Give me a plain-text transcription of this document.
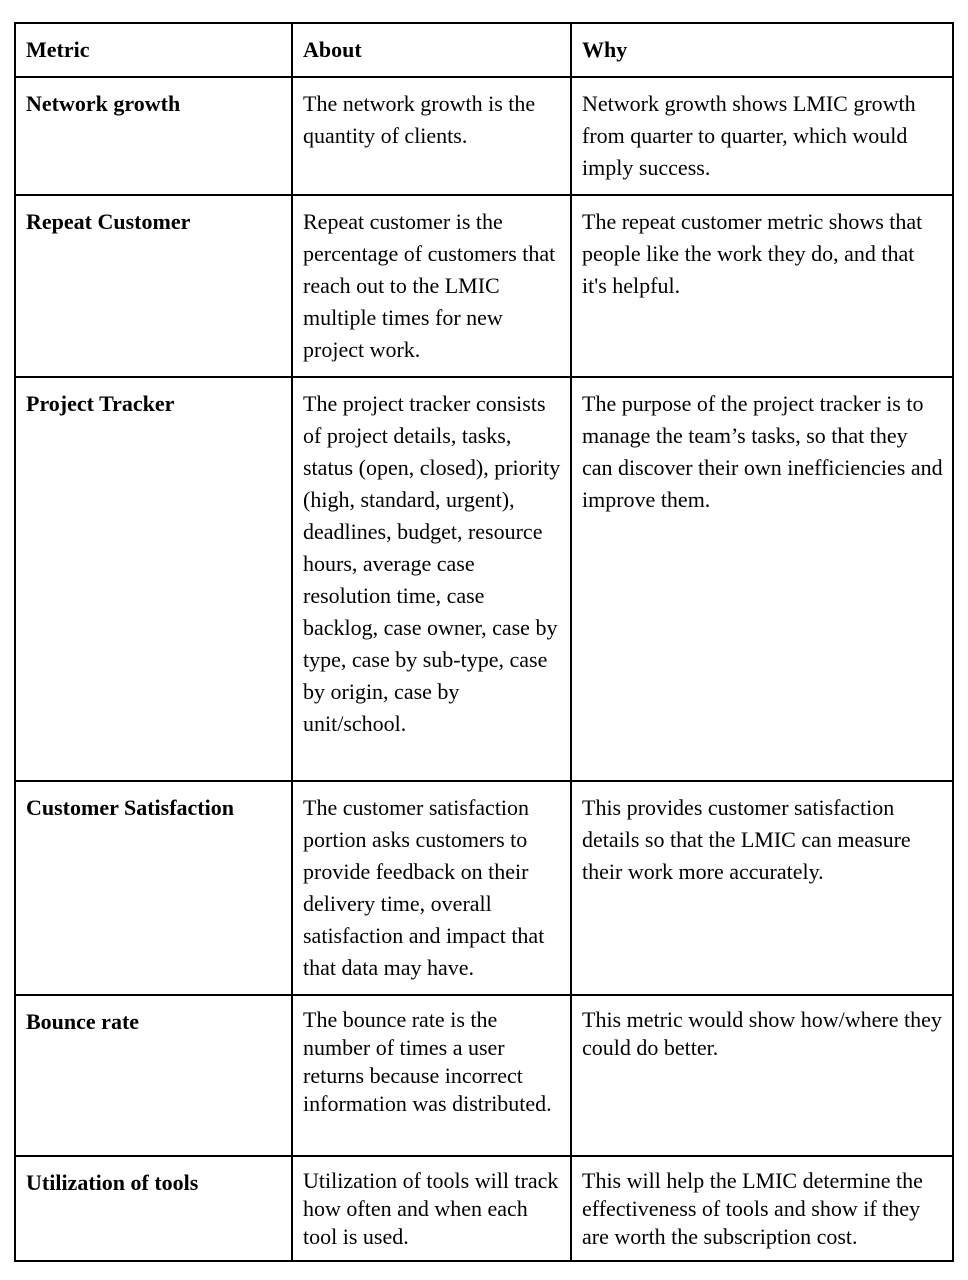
Metric	About	Why
Network growth	The network growth is the quantity of clients.	Network growth shows LMIC growth from quarter to quarter, which would imply success.
Repeat Customer	Repeat customer is the percentage of customers that reach out to the LMIC multiple times for new project work.	The repeat customer metric shows that people like the work they do, and that it's helpful.
Project Tracker	The project tracker consists of project details, tasks, status (open, closed), priority (high, standard, urgent), deadlines, budget, resource hours, average case resolution time, case backlog, case owner, case by type, case by sub-type, case by origin, case by unit/school.	The purpose of the project tracker is to manage the team’s tasks, so that they can discover their own inefficiencies and improve them.
Customer Satisfaction	The customer satisfaction portion asks customers to provide feedback on their delivery time, overall satisfaction and impact that that data may have.	This provides customer satisfaction details so that the LMIC can measure their work more accurately.
Bounce rate	The bounce rate is the number of times a user returns because incorrect information was distributed.	This metric would show how/where they could do better.
Utilization of tools	Utilization of tools will track how often and when each tool is used.	This will help the LMIC determine the effectiveness of tools and show if they are worth the subscription cost.
